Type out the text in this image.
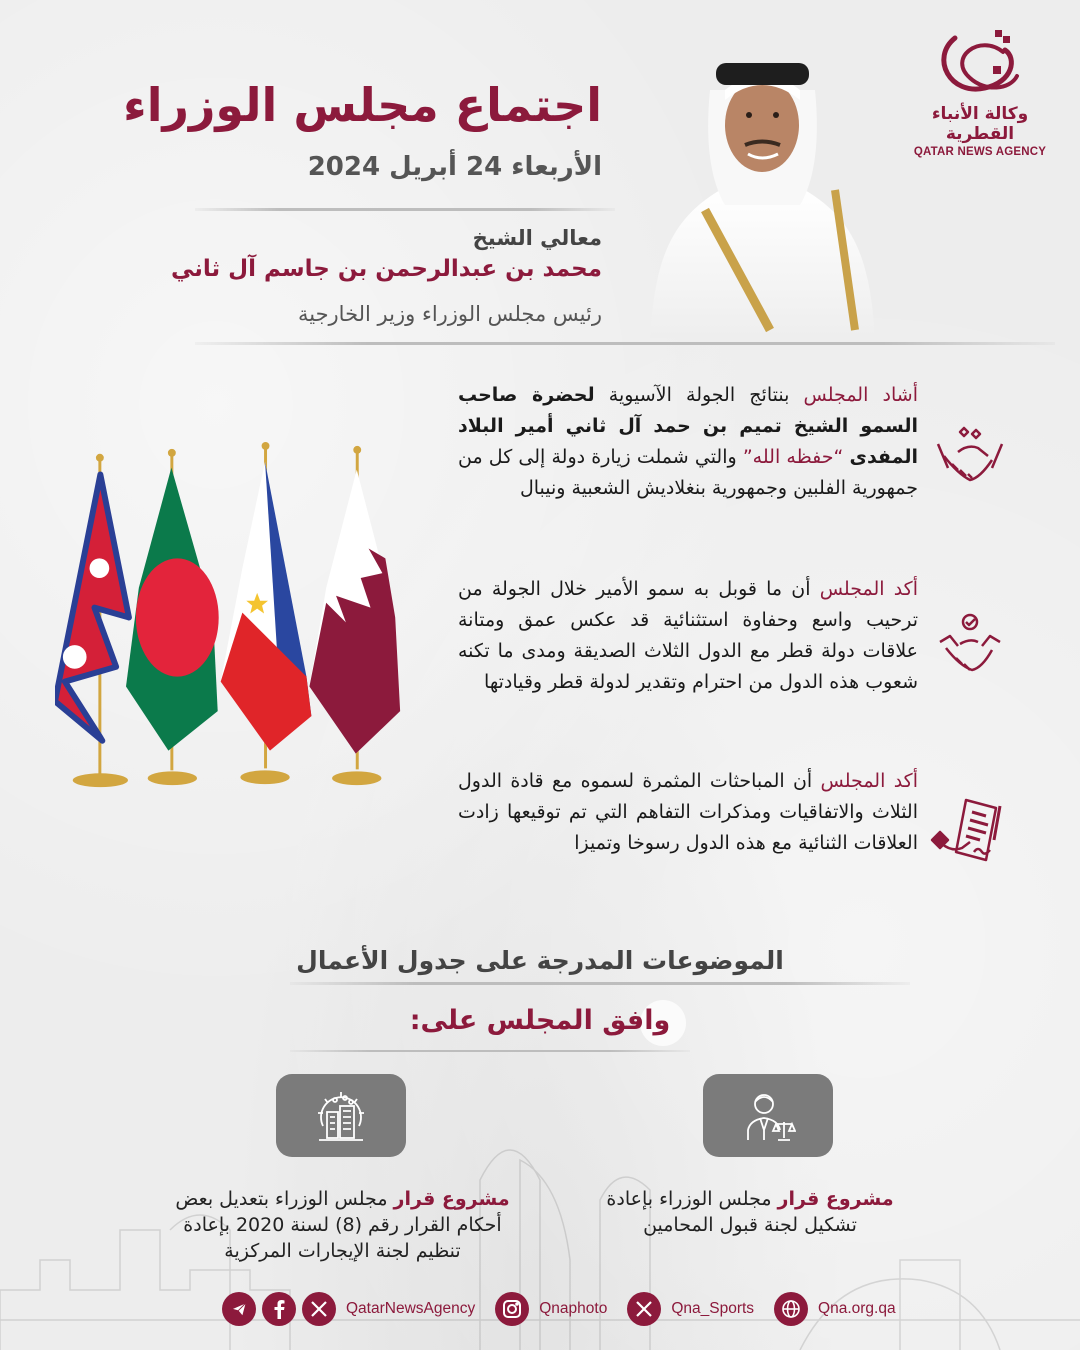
وكالة الأنباء القطرية
QATAR NEWS AGENCY
اجتماع مجلس الوزراء
الأربعاء 24 أبريل 2024
معالي الشيخ
محمد بن عبدالرحمن بن جاسم آل ثاني
رئيس مجلس الوزراء وزير الخارجية
أشاد المجلس بنتائج الجولة الآسيوية لحضرة صاحب السمو الشيخ تميم بن حمد آل ثاني أمير البلاد المفدى “حفظه الله” والتي شملت زيارة دولة إلى كل من جمهورية الفلبين وجمهورية بنغلاديش الشعبية ونيبال
أكد المجلس أن ما قوبل به سمو الأمير خلال الجولة من ترحيب واسع وحفاوة استثنائية قد عكس عمق ومتانة علاقات دولة قطر مع الدول الثلاث الصديقة ومدى ما تكنه شعوب هذه الدول من احترام وتقدير لدولة قطر وقيادتها
أكد المجلس أن المباحثات المثمرة لسموه مع قادة الدول الثلاث والاتفاقيات ومذكرات التفاهم التي تم توقيعها زادت العلاقات الثنائية مع هذه الدول رسوخا وتميزا
الموضوعات المدرجة على جدول الأعمال
وافق المجلس على:
مشروع قرار مجلس الوزراء بإعادة تشكيل لجنة قبول المحامين
مشروع قرار مجلس الوزراء بتعديل بعض أحكام القرار رقم (8) لسنة 2020 بإعادة تنظيم لجنة الإيجارات المركزية
QatarNewsAgency	Qnaphoto	Qna_Sports	Qna.org.qa
